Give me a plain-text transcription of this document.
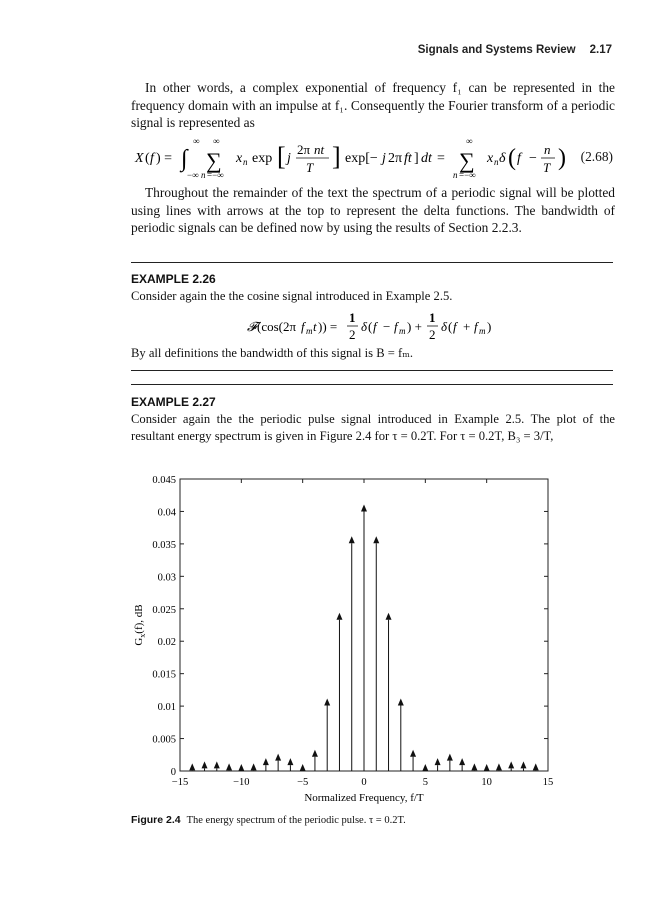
Signals and Systems Review 2.17
In other words, a complex exponential of frequency f₁ can be represented in the frequency domain with an impulse at f₁. Consequently the Fourier transform of a periodic signal is represented as
X ( f ) = ∫
∞
−∞
∑
∞
n =−∞
x n exp [ j
2π nt
T ] exp[− j 2π ft ] dt = ∑
∞
n =−∞
x n δ ( f −
n
T ) (2.68)
Throughout the remainder of the text the spectrum of a periodic signal will be plotted using lines with arrows at the top to represent the delta functions. The bandwidth of periodic signals can be defined now by using the results of Section 2.2.3.
EXAMPLE 2.26
Consider again the the cosine signal introduced in Example 2.5.
𝓕 (cos(2π f m t )) =
1
2
δ ( f − f m ) +
1
2
δ ( f + f m )
By all definitions the bandwidth of this signal is B = fₘ.
EXAMPLE 2.27
Consider again the the periodic pulse signal introduced in Example 2.5. The plot of the resultant energy spectrum is given in Figure 2.4 for τ = 0.2T. For τ = 0.2T, B₃ = 3/T,
0
0.005
0.01
0.015
0.02
0.025
0.03
0.035
0.04
0.045
−15	−10	−5	0	5	10	15
Normalized Frequency, f/T
$G_x(f)$, dB
Figure 2.4 The energy spectrum of the periodic pulse. τ = 0.2T.
